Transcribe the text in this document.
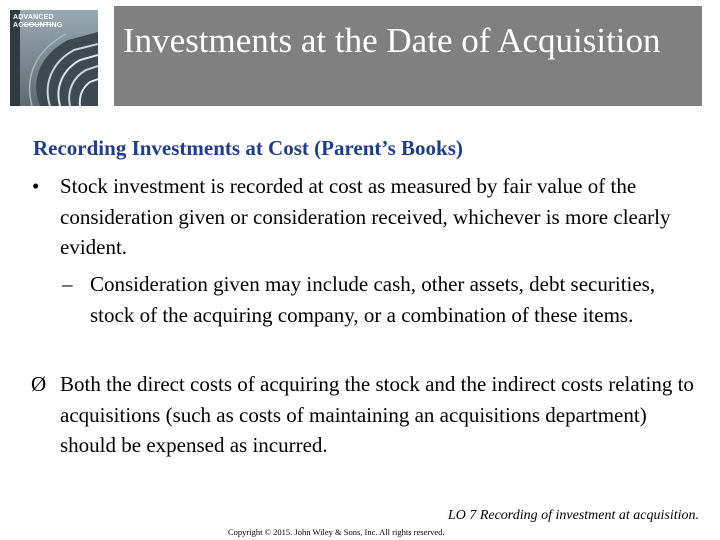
ADVANCED ACCOUNTING Investments at the Date of Acquisition
Recording Investments at Cost (Parent’s Books)
• Stock investment is recorded at cost as measured by fair value of the consideration given or consideration received, whichever is more clearly evident.

– Consideration given may include cash, other assets, debt securities, stock of the acquiring company, or a combination of these items.

Ø Both the direct costs of acquiring the stock and the indirect costs relating to acquisitions (such as costs of maintaining an acquisitions department) should be expensed as incurred.

LO 7 Recording of investment at acquisition.
Copyright © 2015. John Wiley & Sons, Inc. All rights reserved.
